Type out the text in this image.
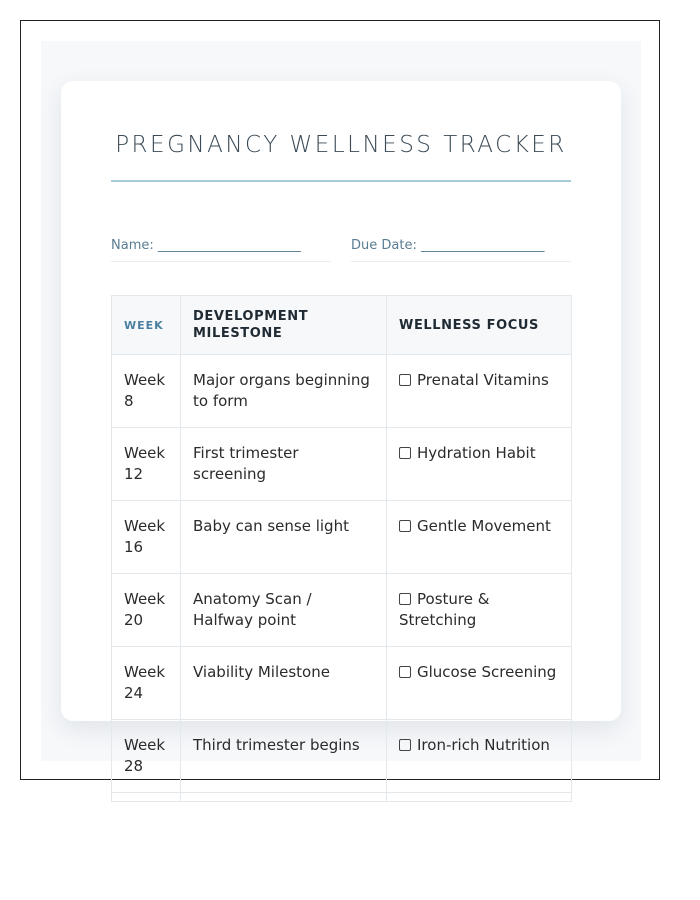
PREGNANCY WELLNESS TRACKER
Name: ______________________	Due Date: ___________________
WEEK	DEVELOPMENT MILESTONE	WELLNESS FOCUS
Week 8	Major organs beginning to form	Prenatal Vitamins
Week 12	First trimester screening	Hydration Habit
Week 16	Baby can sense light	Gentle Movement
Week 20	Anatomy Scan / Halfway point	Posture & Stretching
Week 24	Viability Milestone	Glucose Screening
Week 28	Third trimester begins	Iron-rich Nutrition
